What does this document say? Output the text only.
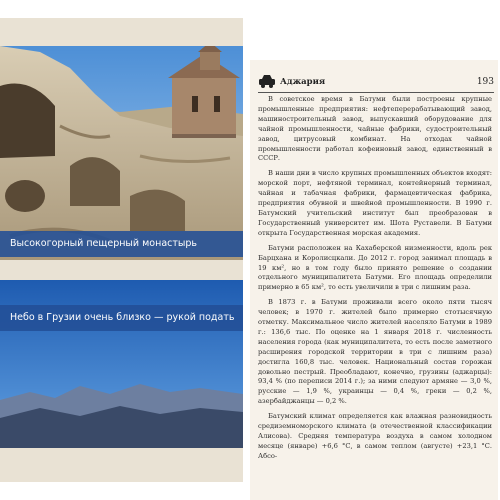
Высокогорный пещерный монастырь
Небо в Грузии очень близко — рукой подать
Аджария	193

В советское время в Батуми были построены крупные промышленные предприятия: нефтеперерабатывающий завод, машиностроительный завод, выпускавший оборудование для чайной промышленности, чайные фабрики, судостроительный завод, цитрусовый комбинат. На отходах чайной промышленности работал кофеиновый завод, единственный в СССР.

В наши дни в число крупных промышленных объектов входят: морской порт, нефтяной терминал, контейнерный терминал, чайная и табачная фабрики, фармацевтическая фабрика, предприятия обувной и швейной промышленности. В 1990 г. Батумский учительский институт был преобразован в Государственный университет им. Шота Руставели. В Батуми открыта Государственная морская академия.

Батуми расположен на Кахаберской низменности, вдоль рек Барцхана и Королисцкали. До 2012 г. город занимал площадь в 19 км², но в том году было принято решение о создании отдельного муниципалитета Батуми. Его площадь определили примерно в 65 км², то есть увеличили в три с лишним раза.

В 1873 г. в Батуми проживали всего около пяти тысяч человек; в 1970 г. жителей было примерно стотысячную отметку. Максимальное число жителей населяло Батуми в 1989 г.: 136,6 тыс. По оценке на 1 января 2018 г. численность населения города (как муниципалитета, то есть после заметного расширения городской территории в три с лишним раза) достигла 160,8 тыс. человек. Национальный состав горожан довольно пестрый. Преобладают, конечно, грузины (аджарцы): 93,4 % (по переписи 2014 г.); за ними следуют армяне — 3,0 %, русские — 1,9 %, украинцы — 0,4 %, греки — 0,2 %, азербайджанцы — 0,2 %.

Батумский климат определяется как влажная разновидность средиземноморского климата (в отечественной классификации Алисова). Средняя температура воздуха в самом холодном месяце (январе) +6,6 °С, в самом теплом (августе) +23,1 °С. Абсо-
